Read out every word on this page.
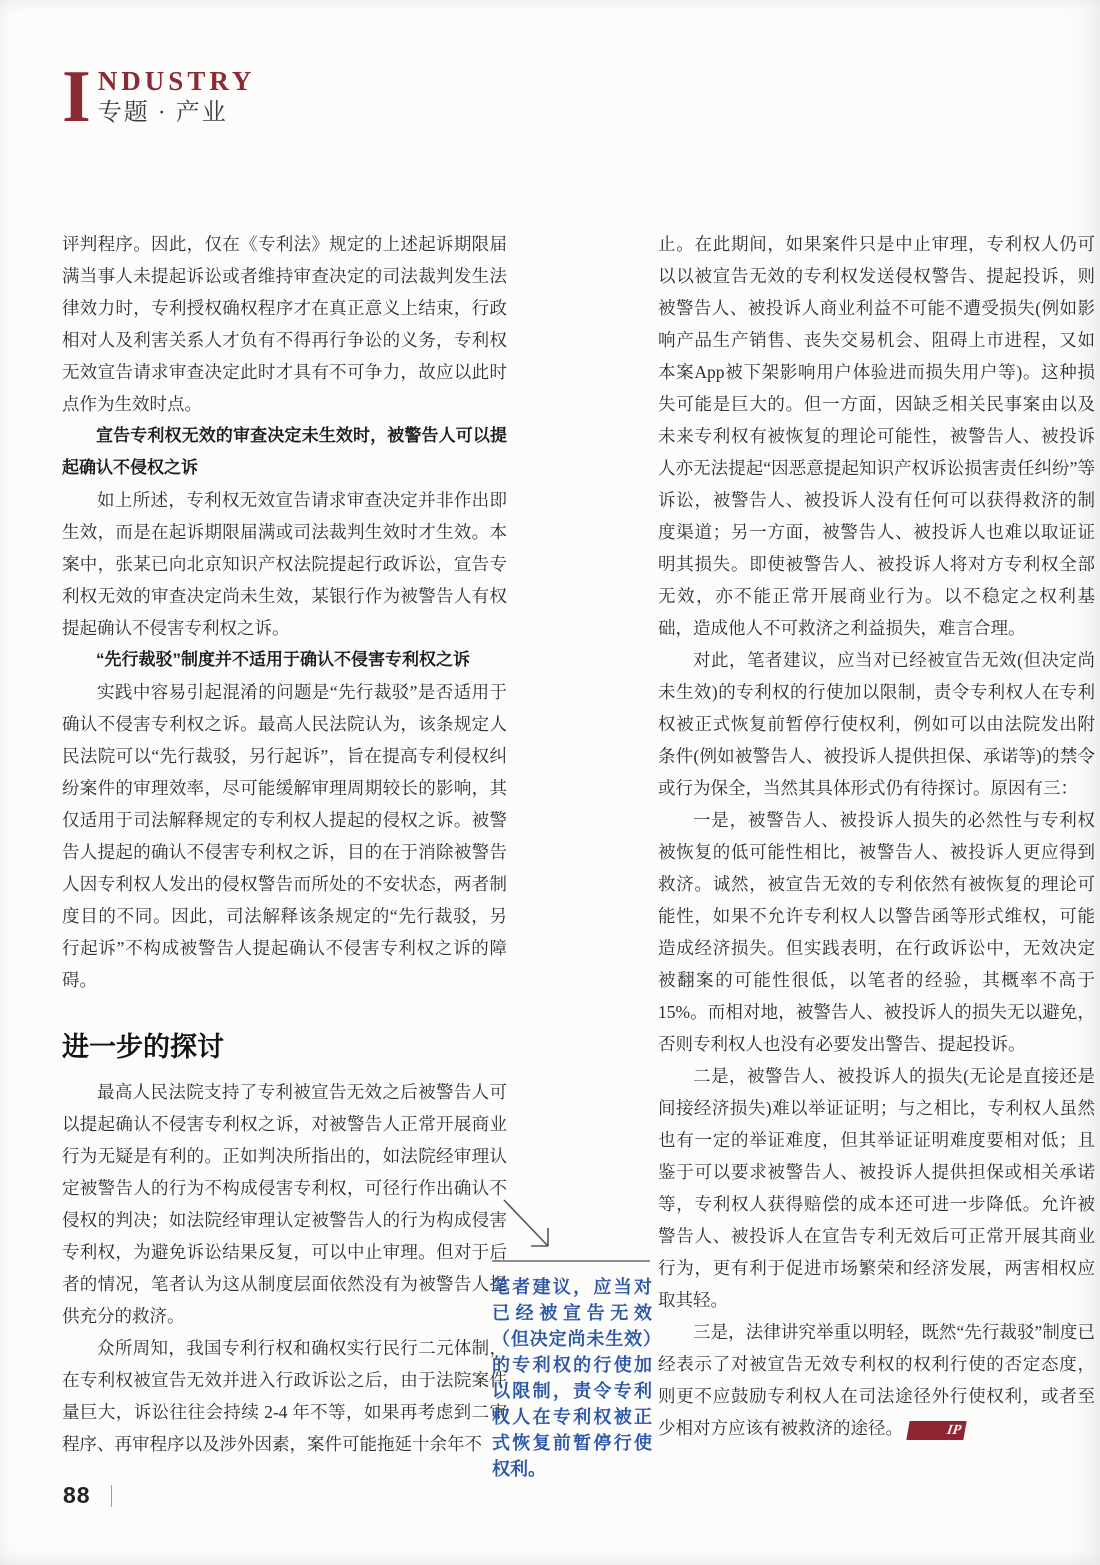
I NDUSTRY
专题 · 产业

评判程序。因此，仅在《专利法》规定的上述起诉期限届满当事人未提起诉讼或者维持审查决定的司法裁判发生法律效力时，专利授权确权程序才在真正意义上结束，行政相对人及利害关系人才负有不得再行争讼的义务，专利权无效宣告请求审查决定此时才具有不可争力，故应以此时点作为生效时点。

宣告专利权无效的审查决定未生效时，被警告人可以提起确认不侵权之诉

如上所述，专利权无效宣告请求审查决定并非作出即生效，而是在起诉期限届满或司法裁判生效时才生效。本案中，张某已向北京知识产权法院提起行政诉讼，宣告专利权无效的审查决定尚未生效，某银行作为被警告人有权提起确认不侵害专利权之诉。

“先行裁驳”制度并不适用于确认不侵害专利权之诉

实践中容易引起混淆的问题是“先行裁驳”是否适用于确认不侵害专利权之诉。最高人民法院认为，该条规定人民法院可以“先行裁驳，另行起诉”，旨在提高专利侵权纠纷案件的审理效率，尽可能缓解审理周期较长的影响，其仅适用于司法解释规定的专利权人提起的侵权之诉。被警告人提起的确认不侵害专利权之诉，目的在于消除被警告人因专利权人发出的侵权警告而所处的不安状态，两者制度目的不同。因此，司法解释该条规定的“先行裁驳，另行起诉”不构成被警告人提起确认不侵害专利权之诉的障碍。

进一步的探讨

最高人民法院支持了专利被宣告无效之后被警告人可以提起确认不侵害专利权之诉，对被警告人正常开展商业行为无疑是有利的。正如判决所指出的，如法院经审理认定被警告人的行为不构成侵害专利权，可径行作出确认不侵权的判决；如法院经审理认定被警告人的行为构成侵害专利权，为避免诉讼结果反复，可以中止审理。但对于后者的情况，笔者认为这从制度层面依然没有为被警告人提供充分的救济。

众所周知，我国专利行权和确权实行民行二元体制，在专利权被宣告无效并进入行政诉讼之后，由于法院案件量巨大，诉讼往往会持续 2-4 年不等，如果再考虑到二审程序、再审程序以及涉外因素，案件可能拖延十余年不

笔者建议，应当对已经被宣告无效（但决定尚未生效）的专利权的行使加以限制，责令专利权人在专利权被正式恢复前暂停行使权利。

止。在此期间，如果案件只是中止审理，专利权人仍可以以被宣告无效的专利权发送侵权警告、提起投诉，则被警告人、被投诉人商业利益不可能不遭受损失(例如影响产品生产销售、丧失交易机会、阻碍上市进程，又如本案App被下架影响用户体验进而损失用户等)。这种损失可能是巨大的。但一方面，因缺乏相关民事案由以及未来专利权有被恢复的理论可能性，被警告人、被投诉人亦无法提起“因恶意提起知识产权诉讼损害责任纠纷”等诉讼，被警告人、被投诉人没有任何可以获得救济的制度渠道；另一方面，被警告人、被投诉人也难以取证证明其损失。即使被警告人、被投诉人将对方专利权全部无效，亦不能正常开展商业行为。以不稳定之权利基础，造成他人不可救济之利益损失，难言合理。

对此，笔者建议，应当对已经被宣告无效(但决定尚未生效)的专利权的行使加以限制，责令专利权人在专利权被正式恢复前暂停行使权利，例如可以由法院发出附条件(例如被警告人、被投诉人提供担保、承诺等)的禁令或行为保全，当然其具体形式仍有待探讨。原因有三：

一是，被警告人、被投诉人损失的必然性与专利权被恢复的低可能性相比，被警告人、被投诉人更应得到救济。诚然，被宣告无效的专利依然有被恢复的理论可能性，如果不允许专利权人以警告函等形式维权，可能造成经济损失。但实践表明，在行政诉讼中，无效决定被翻案的可能性很低，以笔者的经验，其概率不高于15%。而相对地，被警告人、被投诉人的损失无以避免，否则专利权人也没有必要发出警告、提起投诉。

二是，被警告人、被投诉人的损失(无论是直接还是间接经济损失)难以举证证明；与之相比，专利权人虽然也有一定的举证难度，但其举证证明难度要相对低；且鉴于可以要求被警告人、被投诉人提供担保或相关承诺等，专利权人获得赔偿的成本还可进一步降低。允许被警告人、被投诉人在宣告专利无效后可正常开展其商业行为，更有利于促进市场繁荣和经济发展，两害相权应取其轻。

三是，法律讲究举重以明轻，既然“先行裁驳”制度已经表示了对被宣告无效专利权的权利行使的否定态度，则更不应鼓励专利权人在司法途径外行使权利，或者至少相对方应该有被救济的途径。	IP

88
